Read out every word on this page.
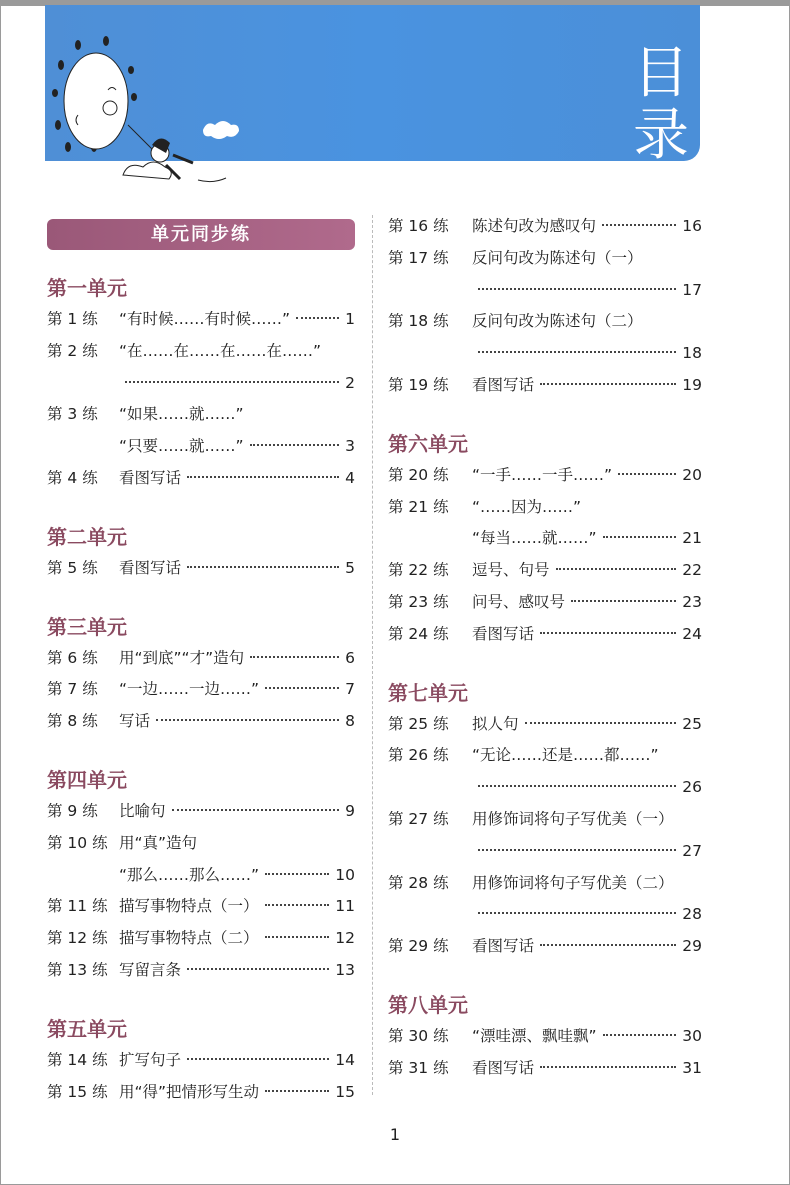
目录
单元同步练
第一单元
第 1 练	“有时候……有时候……”	1
第 2 练	“在……在……在……在……”
2
第 3 练	“如果……就……”
“只要……就……”	3
第 4 练	看图写话	4
第二单元
第 5 练	看图写话	5
第三单元
第 6 练	用“到底”“才”造句	6
第 7 练	“一边……一边……”	7
第 8 练	写话	8
第四单元
第 9 练	比喻句	9
第 10 练 用“真”造句
“那么……那么……”	10
第 11 练 描写事物特点（一）	11
第 12 练 描写事物特点（二）	12
第 13 练 写留言条	13
第五单元
第 14 练 扩写句子	14
第 15 练 用“得”把情形写生动	15
第 16 练	陈述句改为感叹句	16
第 17 练	反问句改为陈述句（一）
17
第 18 练	反问句改为陈述句（二）
18
第 19 练	看图写话	19
第六单元
第 20 练	“一手……一手……”	20
第 21 练	“……因为……”
“每当……就……”	21
第 22 练	逗号、句号	22
第 23 练	问号、感叹号	23
第 24 练	看图写话	24
第七单元
第 25 练	拟人句	25
第 26 练	“无论……还是……都……”
26
第 27 练	用修饰词将句子写优美（一）
27
第 28 练	用修饰词将句子写优美（二）
28
第 29 练	看图写话	29
第八单元
第 30 练	“漂哇漂、飘哇飘”	30
第 31 练	看图写话	31
1
